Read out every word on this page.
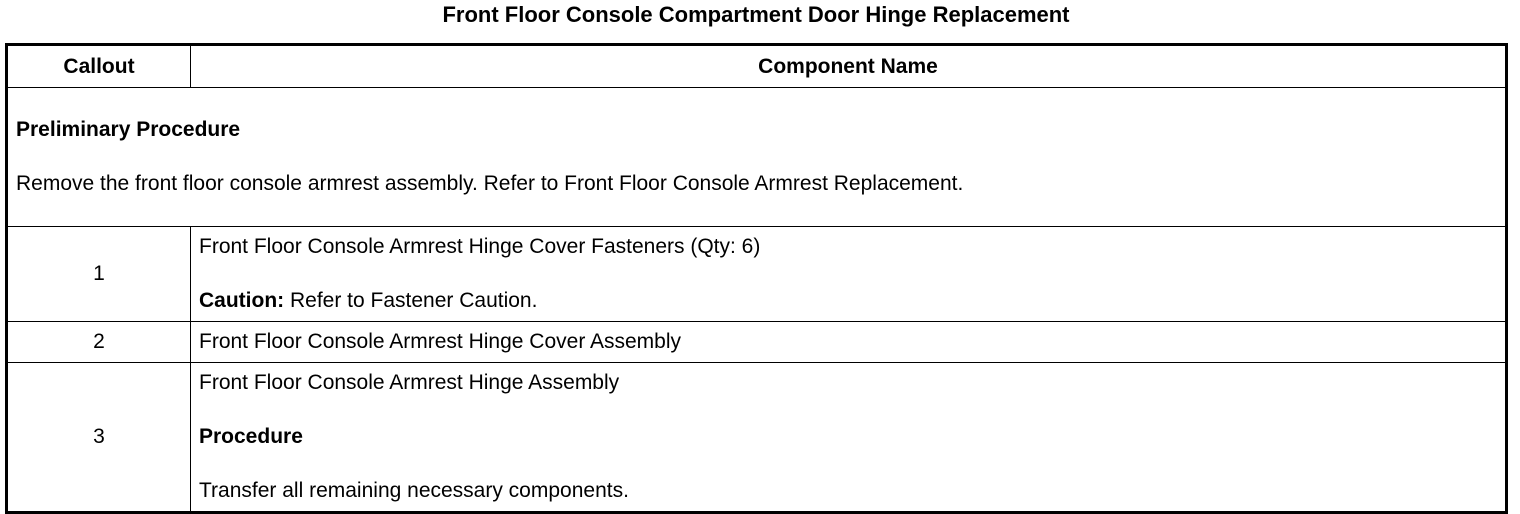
Front Floor Console Compartment Door Hinge Replacement
Callout	Component Name

Preliminary Procedure
Remove the front floor console armrest assembly. Refer to Front Floor Console Armrest Replacement.	

1	Front Floor Console Armrest Hinge Cover Fasteners (Qty: 6)
Caution: Refer to Fastener Caution.

2	Front Floor Console Armrest Hinge Cover Assembly

3	Front Floor Console Armrest Hinge Assembly
Procedure
Transfer all remaining necessary components.
